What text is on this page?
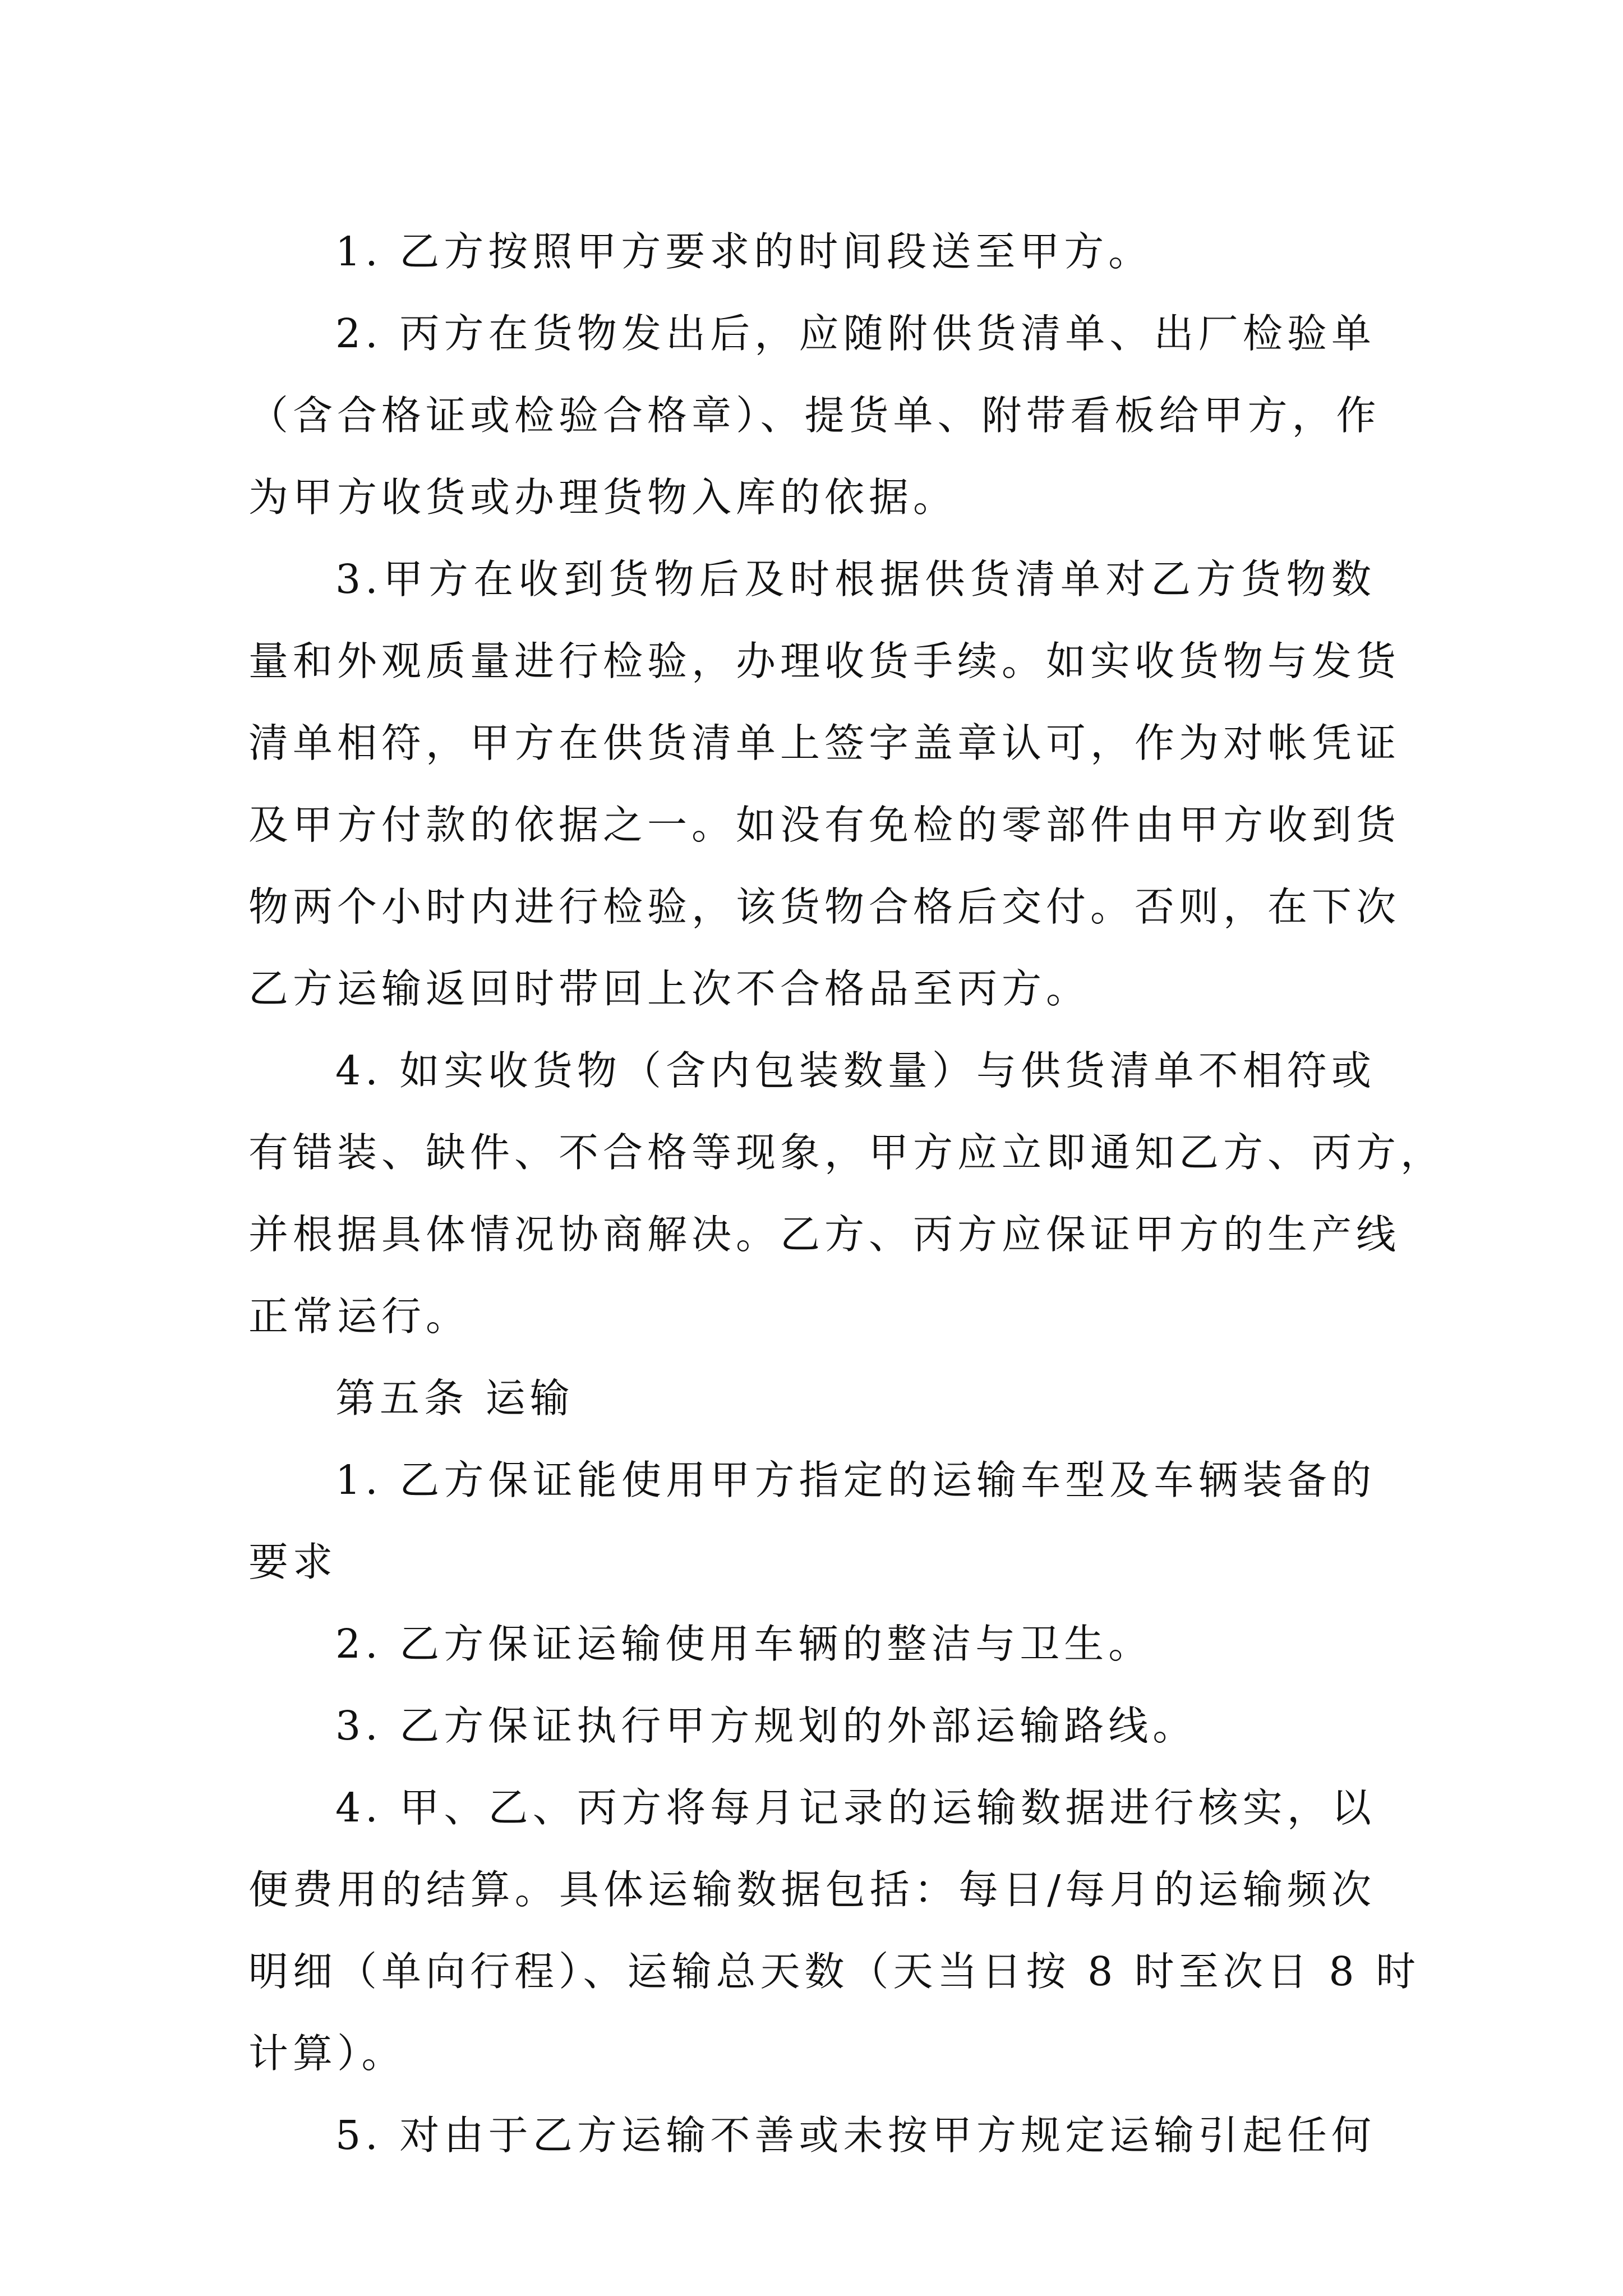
1. 乙方按照甲方要求的时间段送至甲方。
2. 丙方在货物发出后，应随附供货清单、出厂检验单
（含合格证或检验合格章）、提货单、附带看板给甲方，作
为甲方收货或办理货物入库的依据。
3.甲方在收到货物后及时根据供货清单对乙方货物数
量和外观质量进行检验，办理收货手续。如实收货物与发货
清单相符，甲方在供货清单上签字盖章认可，作为对帐凭证
及甲方付款的依据之一。如没有免检的零部件由甲方收到货
物两个小时内进行检验，该货物合格后交付。否则，在下次
乙方运输返回时带回上次不合格品至丙方。
4. 如实收货物（含内包装数量）与供货清单不相符或
有错装、缺件、不合格等现象，甲方应立即通知乙方、丙方，
并根据具体情况协商解决。乙方、丙方应保证甲方的生产线
正常运行。
第五条 运输
1. 乙方保证能使用甲方指定的运输车型及车辆装备的
要求
2. 乙方保证运输使用车辆的整洁与卫生。
3. 乙方保证执行甲方规划的外部运输路线。
4. 甲、乙、丙方将每月记录的运输数据进行核实，以
便费用的结算。具体运输数据包括：每日/每月的运输频次
明细（单向行程）、运输总天数（天当日按 8 时至次日 8 时
计算）。
5. 对由于乙方运输不善或未按甲方规定运输引起任何
